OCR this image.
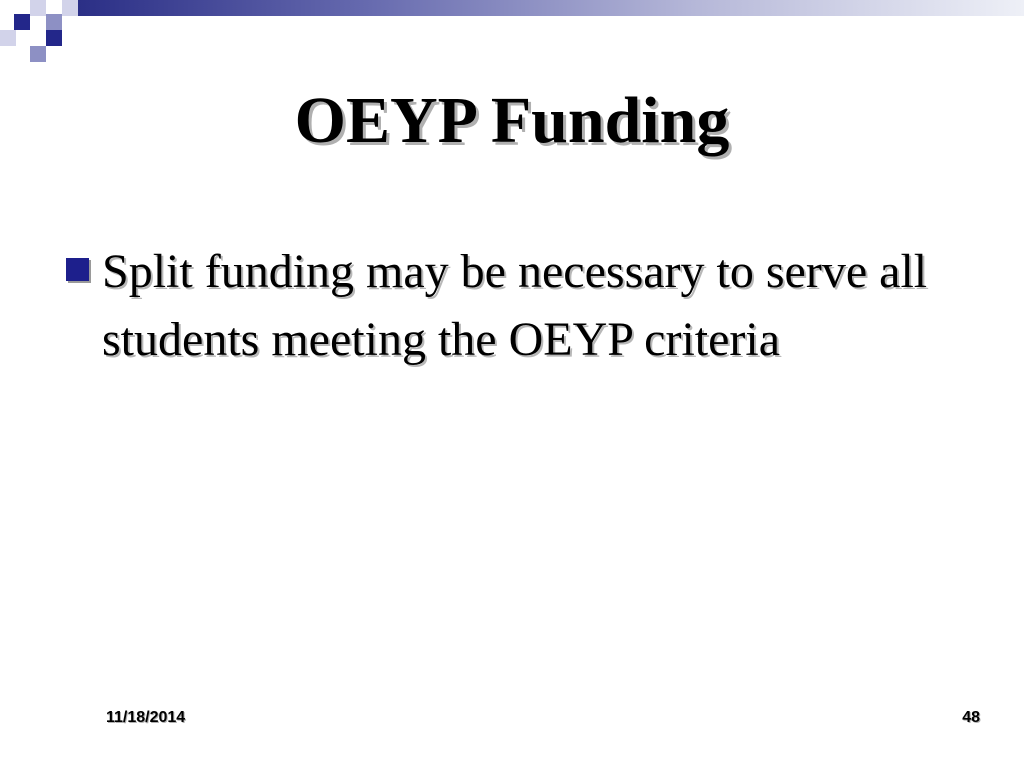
OEYP Funding
Split funding may be necessary to serve all students meeting the OEYP criteria
11/18/2014	48
